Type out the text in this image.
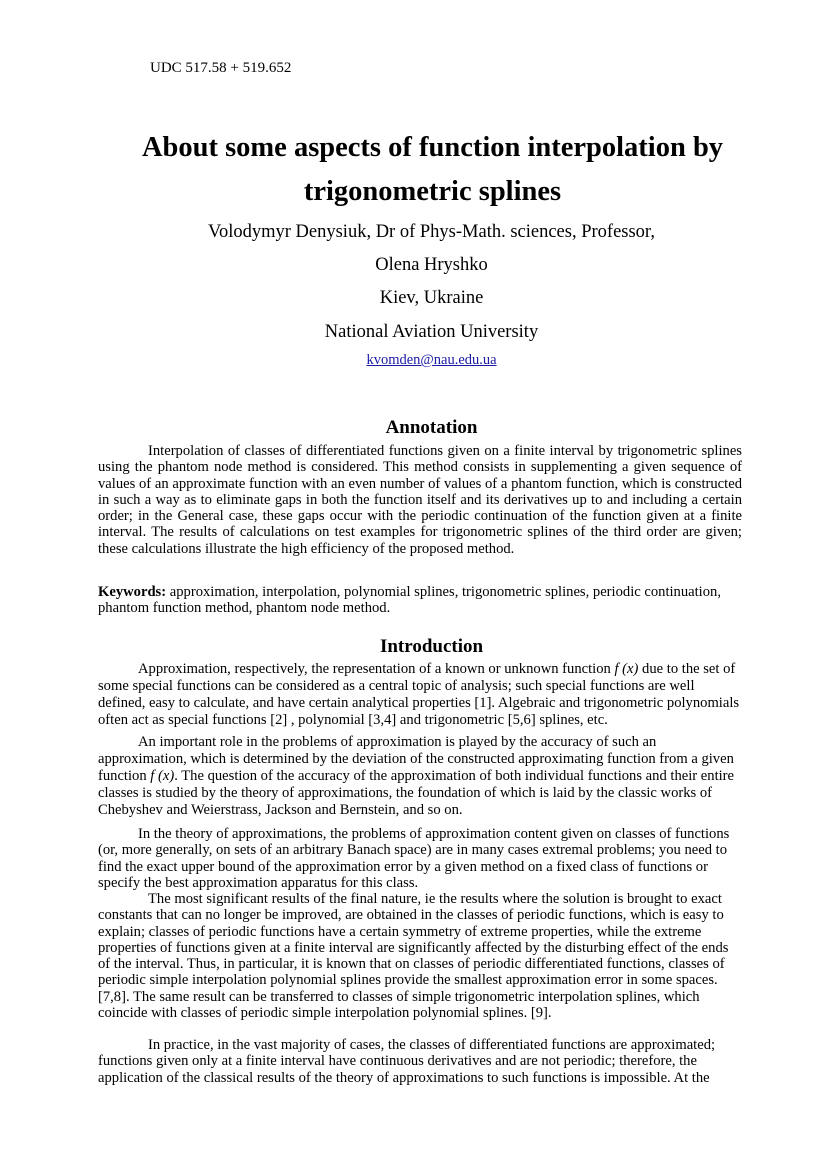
UDC 517.58 + 519.652
About some aspects of function interpolation by trigonometric splines
Volodymyr Denysiuk, Dr of Phys-Math. sciences, Professor,
Olena Hryshko
Kiev, Ukraine
National Aviation University
kvomden@nau.edu.ua
Annotation

Interpolation of classes of differentiated functions given on a finite interval by trigonometric splines using the phantom node method is considered. This method consists in supplementing a given sequence of values of an approximate function with an even number of values of a phantom function, which is constructed in such a way as to eliminate gaps in both the function itself and its derivatives up to and including a certain order; in the General case, these gaps occur with the periodic continuation of the function given at a finite interval. The results of calculations on test examples for trigonometric splines of the third order are given; these calculations illustrate the high efficiency of the proposed method.

Keywords: approximation, interpolation, polynomial splines, trigonometric splines, periodic continuation, phantom function method, phantom node method.

Introduction

Approximation, respectively, the representation of a known or unknown function f (x) due to the set of some special functions can be considered as a central topic of analysis; such special functions are well defined, easy to calculate, and have certain analytical properties [1]. Algebraic and trigonometric polynomials often act as special functions [2] , polynomial [3,4] and trigonometric [5,6] splines, etc.

An important role in the problems of approximation is played by the accuracy of such an approximation, which is determined by the deviation of the constructed approximating function from a given function f (x). The question of the accuracy of the approximation of both individual functions and their entire classes is studied by the theory of approximations, the foundation of which is laid by the classic works of Chebyshev and Weierstrass, Jackson and Bernstein, and so on.

In the theory of approximations, the problems of approximation content given on classes of functions (or, more generally, on sets of an arbitrary Banach space) are in many cases extremal problems; you need to find the exact upper bound of the approximation error by a given method on a fixed class of functions or specify the best approximation apparatus for this class.

The most significant results of the final nature, ie the results where the solution is brought to exact constants that can no longer be improved, are obtained in the classes of periodic functions, which is easy to explain; classes of periodic functions have a certain symmetry of extreme properties, while the extreme properties of functions given at a finite interval are significantly affected by the disturbing effect of the ends of the interval. Thus, in particular, it is known that on classes of periodic differentiated functions, classes of periodic simple interpolation polynomial splines provide the smallest approximation error in some spaces. [7,8]. The same result can be transferred to classes of simple trigonometric interpolation splines, which coincide with classes of periodic simple interpolation polynomial splines. [9].

In practice, in the vast majority of cases, the classes of differentiated functions are approximated; functions given only at a finite interval have continuous derivatives and are not periodic; therefore, the application of the classical results of the theory of approximations to such functions is impossible. At the
